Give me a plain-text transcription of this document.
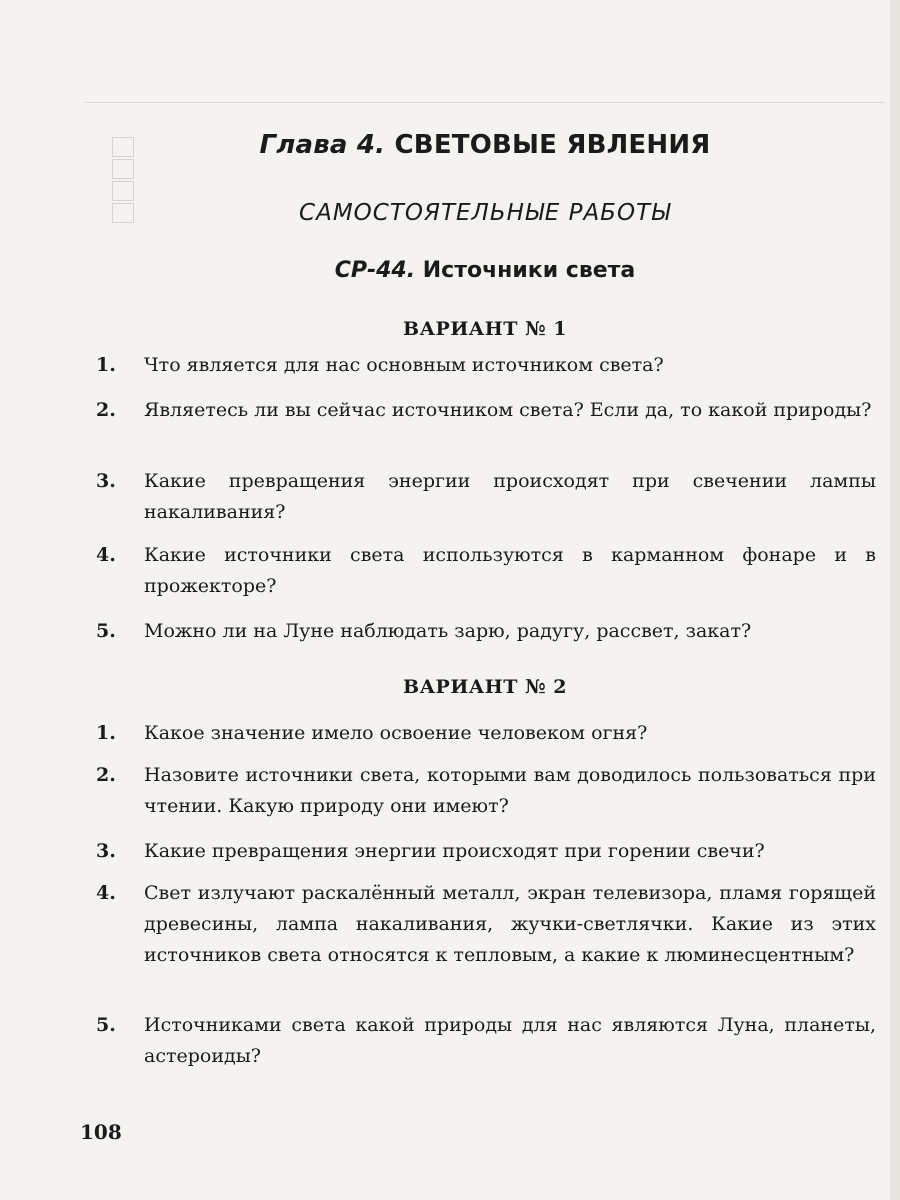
Глава 4. СВЕТОВЫЕ ЯВЛЕНИЯ
САМОСТОЯТЕЛЬНЫЕ РАБОТЫ
СР-44. Источники света
ВАРИАНТ № 1
1. Что является для нас основным источником света?
2. Являетесь ли вы сейчас источником света? Если да, то какой природы?
3. Какие превращения энергии происходят при свечении лампы накаливания?
4. Какие источники света используются в карманном фонаре и в прожекторе?
5. Можно ли на Луне наблюдать зарю, радугу, рассвет, закат?
ВАРИАНТ № 2
1. Какое значение имело освоение человеком огня?
2. Назовите источники света, которыми вам доводилось пользоваться при чтении. Какую природу они имеют?
3. Какие превращения энергии происходят при горении свечи?
4. Свет излучают раскалённый металл, экран телевизора, пламя горящей древесины, лампа накаливания, жучки-светлячки. Какие из этих источников света относятся к тепловым, а какие к люминесцентным?
5. Источниками света какой природы для нас являются Луна, планеты, астероиды?
108
